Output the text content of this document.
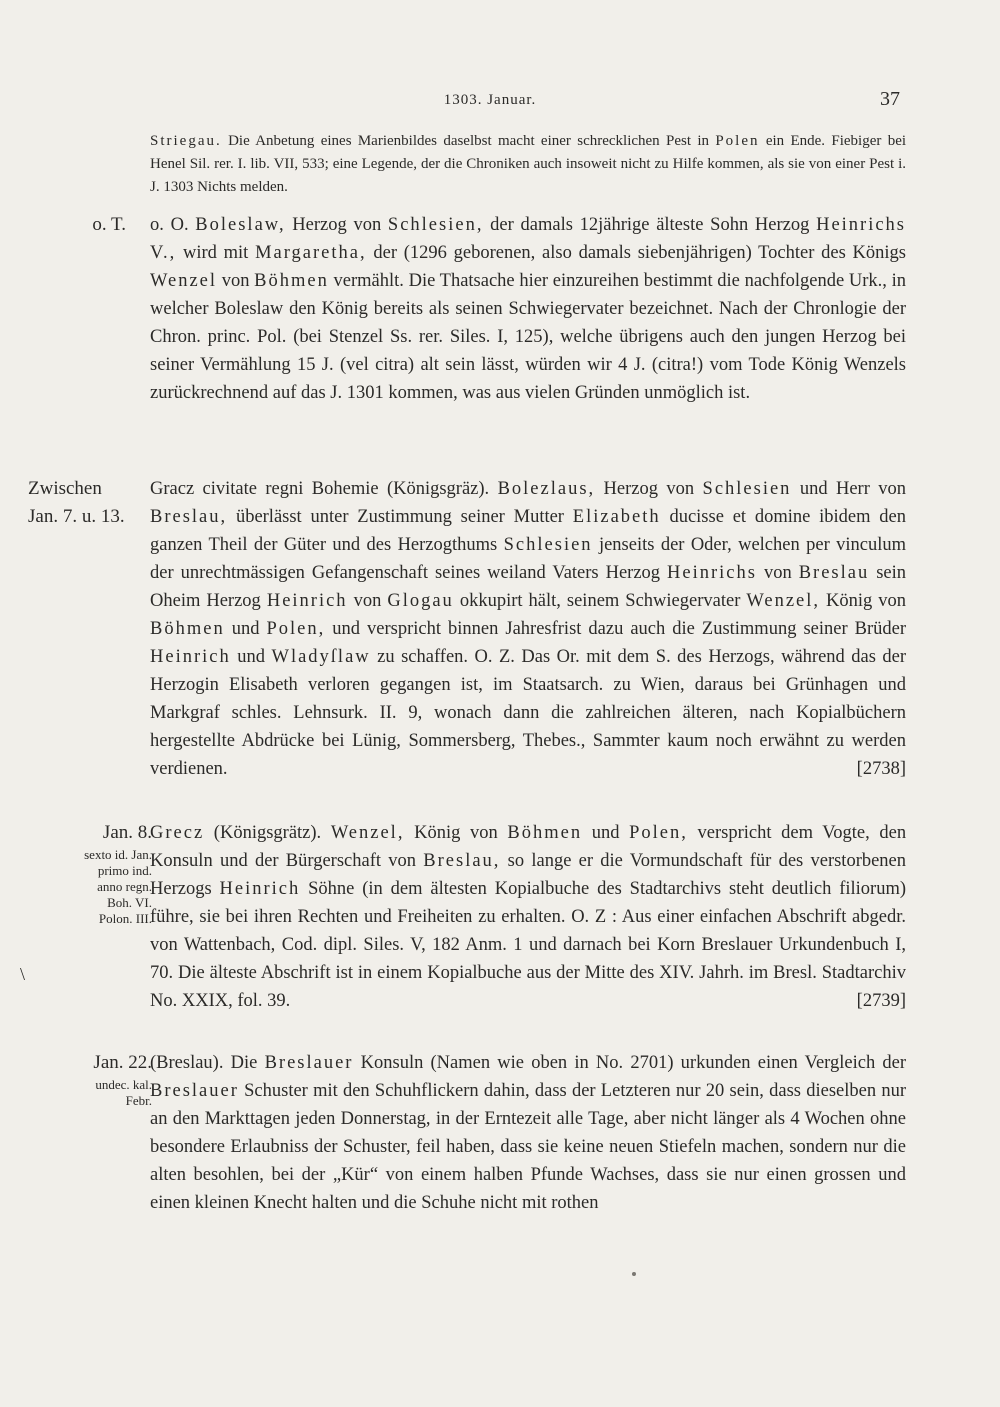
1303. Januar.	37
Striegau. Die Anbetung eines Marienbildes daselbst macht einer schrecklichen Pest in Polen ein Ende. Fiebiger bei Henel Sil. rer. I. lib. VII, 533; eine Legende, der die Chroniken auch insoweit nicht zu Hilfe kommen, als sie von einer Pest i. J. 1303 Nichts melden.
o. T. o. O. Boleslaw, Herzog von Schlesien, der damals 12jährige älteste Sohn Herzog Heinrichs V., wird mit Margaretha, der (1296 geborenen, also damals siebenjährigen) Tochter des Königs Wenzel von Böhmen vermählt. Die Thatsache hier einzureihen bestimmt die nachfolgende Urk., in welcher Boleslaw den König bereits als seinen Schwiegervater bezeichnet. Nach der Chronlogie der Chron. princ. Pol. (bei Stenzel Ss. rer. Siles. I, 125), welche übrigens auch den jungen Herzog bei seiner Vermählung 15 J. (vel citra) alt sein lässt, würden wir 4 J. (citra!) vom Tode König Wenzels zurückrechnend auf das J. 1301 kommen, was aus vielen Gründen unmöglich ist.
Zwischen
Jan. 7. u. 13.
Gracz civitate regni Bohemie (Königsgräz). Bolezlaus, Herzog von Schlesien und Herr von Breslau, überlässt unter Zustimmung seiner Mutter Elizabeth ducisse et domine ibidem den ganzen Theil der Güter und des Herzogthums Schlesien jenseits der Oder, welchen per vinculum der unrechtmässigen Gefangenschaft seines weiland Vaters Herzog Heinrichs von Breslau sein Oheim Herzog Heinrich von Glogau okkupirt hält, seinem Schwiegervater Wenzel, König von Böhmen und Polen, und verspricht binnen Jahresfrist dazu auch die Zustimmung seiner Brüder Heinrich und Wladyſlaw zu schaffen. O. Z. Das Or. mit dem S. des Herzogs, während das der Herzogin Elisabeth verloren gegangen ist, im Staatsarch. zu Wien, daraus bei Grünhagen und Markgraf schles. Lehnsurk. II. 9, wonach dann die zahlreichen älteren, nach Kopialbüchern hergestellte Abdrücke bei Lünig, Sommersberg, Thebes., Sammter kaum noch erwähnt zu werden verdienen.	[2738]
Jan. 8.
sexto id. Jan.
primo ind.
anno regn.
Boh. VI.
Polon. III.
Grecz (Königsgrätz). Wenzel, König von Böhmen und Polen, verspricht dem Vogte, den Konsuln und der Bürgerschaft von Breslau, so lange er die Vormundschaft für des verstorbenen Herzogs Heinrich Söhne (in dem ältesten Kopialbuche des Stadtarchivs steht deutlich filiorum) führe, sie bei ihren Rechten und Freiheiten zu erhalten. O. Z : Aus einer einfachen Abschrift abgedr. von Wattenbach, Cod. dipl. Siles. V, 182 Anm. 1 und darnach bei Korn Breslauer Urkundenbuch I, 70. Die älteste Abschrift ist in einem Kopialbuche aus der Mitte des XIV. Jahrh. im Bresl. Stadtarchiv No. XXIX, fol. 39.	[2739]
\
Jan. 22.
undec. kal.
Febr.
(Breslau). Die Breslauer Konsuln (Namen wie oben in No. 2701) urkunden einen Vergleich der Breslauer Schuster mit den Schuhflickern dahin, dass der Letzteren nur 20 sein, dass dieselben nur an den Markttagen jeden Donnerstag, in der Erntezeit alle Tage, aber nicht länger als 4 Wochen ohne besondere Erlaubniss der Schuster, feil haben, dass sie keine neuen Stiefeln machen, sondern nur die alten besohlen, bei der „Kür“ von einem halben Pfunde Wachses, dass sie nur einen grossen und einen kleinen Knecht halten und die Schuhe nicht mit rothen
